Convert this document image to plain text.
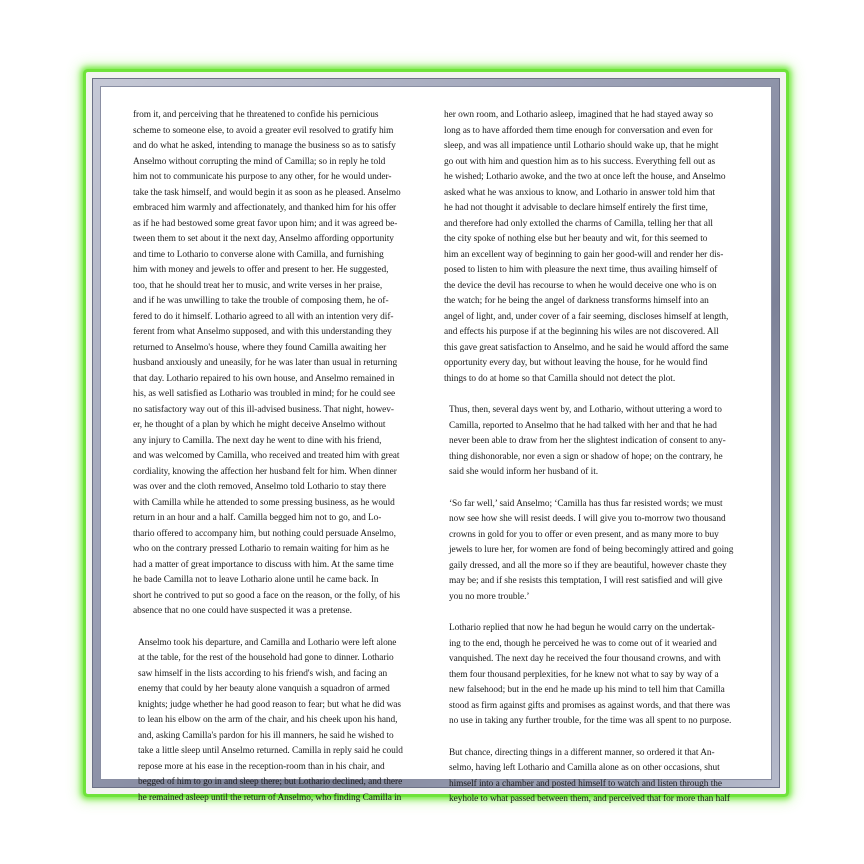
from it, and perceiving that he threatened to confide his pernicious
scheme to someone else, to avoid a greater evil resolved to gratify him
and do what he asked, intending to manage the business so as to satisfy
Anselmo without corrupting the mind of Camilla; so in reply he told
him not to communicate his purpose to any other, for he would under-
take the task himself, and would begin it as soon as he pleased. Anselmo
embraced him warmly and affectionately, and thanked him for his offer
as if he had bestowed some great favor upon him; and it was agreed be-
tween them to set about it the next day, Anselmo affording opportunity
and time to Lothario to converse alone with Camilla, and furnishing
him with money and jewels to offer and present to her. He suggested,
too, that he should treat her to music, and write verses in her praise,
and if he was unwilling to take the trouble of composing them, he of-
fered to do it himself. Lothario agreed to all with an intention very dif-
ferent from what Anselmo supposed, and with this understanding they
returned to Anselmo's house, where they found Camilla awaiting her
husband anxiously and uneasily, for he was later than usual in returning
that day. Lothario repaired to his own house, and Anselmo remained in
his, as well satisfied as Lothario was troubled in mind; for he could see
no satisfactory way out of this ill-advised business. That night, howev-
er, he thought of a plan by which he might deceive Anselmo without
any injury to Camilla. The next day he went to dine with his friend,
and was welcomed by Camilla, who received and treated him with great
cordiality, knowing the affection her husband felt for him. When dinner
was over and the cloth removed, Anselmo told Lothario to stay there
with Camilla while he attended to some pressing business, as he would
return in an hour and a half. Camilla begged him not to go, and Lo-
thario offered to accompany him, but nothing could persuade Anselmo,
who on the contrary pressed Lothario to remain waiting for him as he
had a matter of great importance to discuss with him. At the same time
he bade Camilla not to leave Lothario alone until he came back. In
short he contrived to put so good a face on the reason, or the folly, of his
absence that no one could have suspected it was a pretense.

Anselmo took his departure, and Camilla and Lothario were left alone
at the table, for the rest of the household had gone to dinner. Lothario
saw himself in the lists according to his friend's wish, and facing an
enemy that could by her beauty alone vanquish a squadron of armed
knights; judge whether he had good reason to fear; but what he did was
to lean his elbow on the arm of the chair, and his cheek upon his hand,
and, asking Camilla's pardon for his ill manners, he said he wished to
take a little sleep until Anselmo returned. Camilla in reply said he could
repose more at his ease in the reception-room than in his chair, and
begged of him to go in and sleep there; but Lothario declined, and there
he remained asleep until the return of Anselmo, who finding Camilla in

her own room, and Lothario asleep, imagined that he had stayed away so
long as to have afforded them time enough for conversation and even for
sleep, and was all impatience until Lothario should wake up, that he might
go out with him and question him as to his success. Everything fell out as
he wished; Lothario awoke, and the two at once left the house, and Anselmo
asked what he was anxious to know, and Lothario in answer told him that
he had not thought it advisable to declare himself entirely the first time,
and therefore had only extolled the charms of Camilla, telling her that all
the city spoke of nothing else but her beauty and wit, for this seemed to
him an excellent way of beginning to gain her good-will and render her dis-
posed to listen to him with pleasure the next time, thus availing himself of
the device the devil has recourse to when he would deceive one who is on
the watch; for he being the angel of darkness transforms himself into an
angel of light, and, under cover of a fair seeming, discloses himself at length,
and effects his purpose if at the beginning his wiles are not discovered. All
this gave great satisfaction to Anselmo, and he said he would afford the same
opportunity every day, but without leaving the house, for he would find
things to do at home so that Camilla should not detect the plot.

Thus, then, several days went by, and Lothario, without uttering a word to
Camilla, reported to Anselmo that he had talked with her and that he had
never been able to draw from her the slightest indication of consent to any-
thing dishonorable, nor even a sign or shadow of hope; on the contrary, he
said she would inform her husband of it.

‘So far well,’ said Anselmo; ‘Camilla has thus far resisted words; we must
now see how she will resist deeds. I will give you to-morrow two thousand
crowns in gold for you to offer or even present, and as many more to buy
jewels to lure her, for women are fond of being becomingly attired and going
gaily dressed, and all the more so if they are beautiful, however chaste they
may be; and if she resists this temptation, I will rest satisfied and will give
you no more trouble.’

Lothario replied that now he had begun he would carry on the undertak-
ing to the end, though he perceived he was to come out of it wearied and
vanquished. The next day he received the four thousand crowns, and with
them four thousand perplexities, for he knew not what to say by way of a
new falsehood; but in the end he made up his mind to tell him that Camilla
stood as firm against gifts and promises as against words, and that there was
no use in taking any further trouble, for the time was all spent to no purpose.

But chance, directing things in a different manner, so ordered it that An-
selmo, having left Lothario and Camilla alone as on other occasions, shut
himself into a chamber and posted himself to watch and listen through the
keyhole to what passed between them, and perceived that for more than half
